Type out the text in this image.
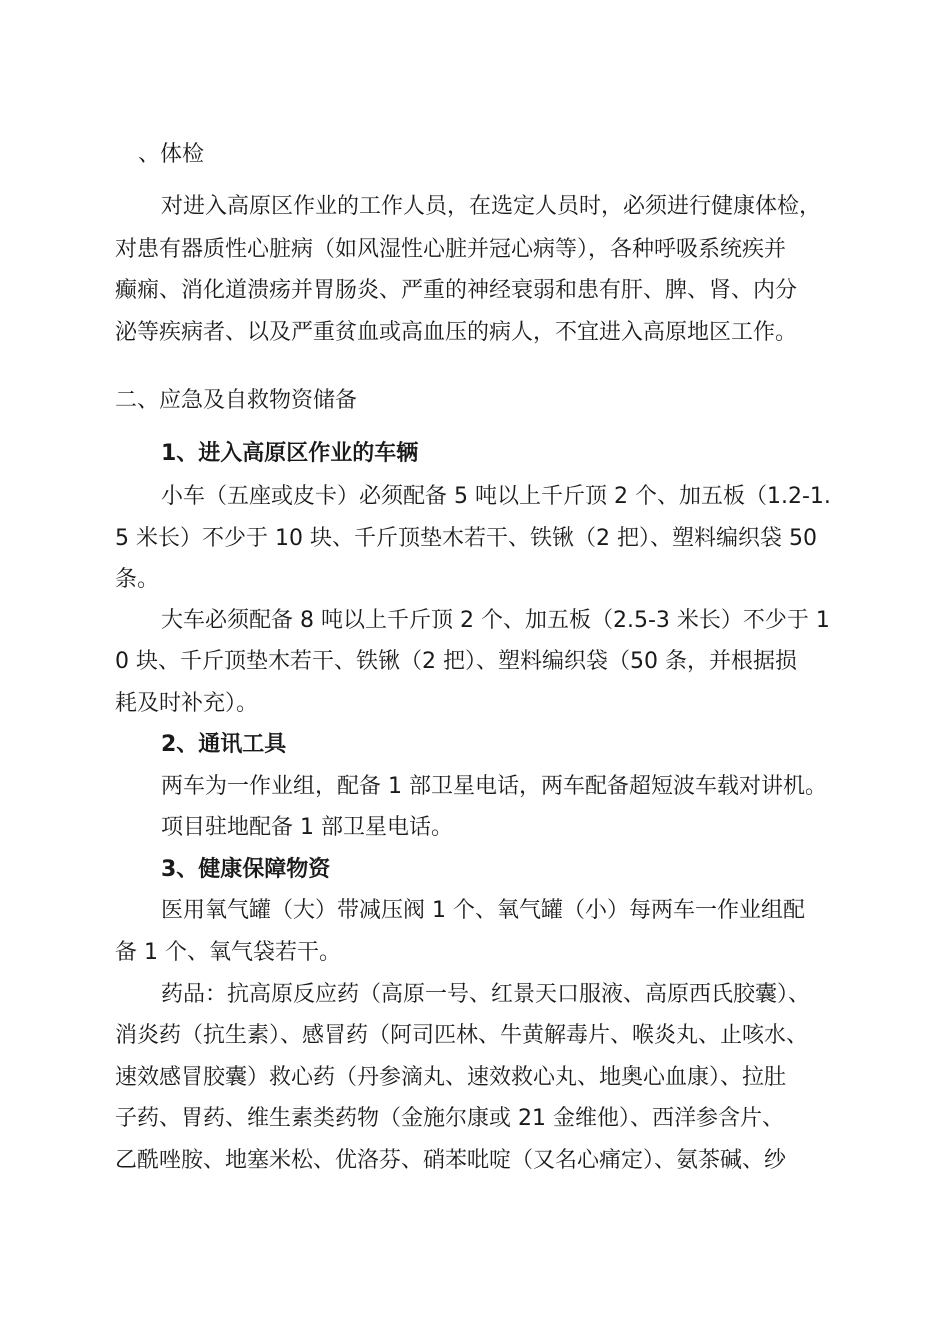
、体检
对进入高原区作业的工作人员，在选定人员时，必须进行健康体检，
对患有器质性心脏病（如风湿性心脏并冠心病等），各种呼吸系统疾并
癫痫、消化道溃疡并胃肠炎、严重的神经衰弱和患有肝、脾、肾、内分
泌等疾病者、以及严重贫血或高血压的病人，不宜进入高原地区工作。
二、应急及自救物资储备
1、进入高原区作业的车辆
小车（五座或皮卡）必须配备 5 吨以上千斤顶 2 个、加五板（1.2-1.
5 米长）不少于 10 块、千斤顶垫木若干、铁锹（2 把）、塑料编织袋 50
条。
大车必须配备 8 吨以上千斤顶 2 个、加五板（2.5-3 米长）不少于 1
0 块、千斤顶垫木若干、铁锹（2 把）、塑料编织袋（50 条，并根据损
耗及时补充）。
2、通讯工具
两车为一作业组，配备 1 部卫星电话，两车配备超短波车载对讲机。
项目驻地配备 1 部卫星电话。
3、健康保障物资
医用氧气罐（大）带减压阀 1 个、氧气罐（小）每两车一作业组配
备 1 个、氧气袋若干。
药品：抗高原反应药（高原一号、红景天口服液、高原西氏胶囊）、
消炎药（抗生素）、感冒药（阿司匹林、牛黄解毒片、喉炎丸、止咳水、
速效感冒胶囊）救心药（丹参滴丸、速效救心丸、地奥心血康）、拉肚
子药、胃药、维生素类药物（金施尔康或 21 金维他）、西洋参含片、
乙酰唑胺、地塞米松、优洛芬、硝苯吡啶（又名心痛定）、氨茶碱、纱
